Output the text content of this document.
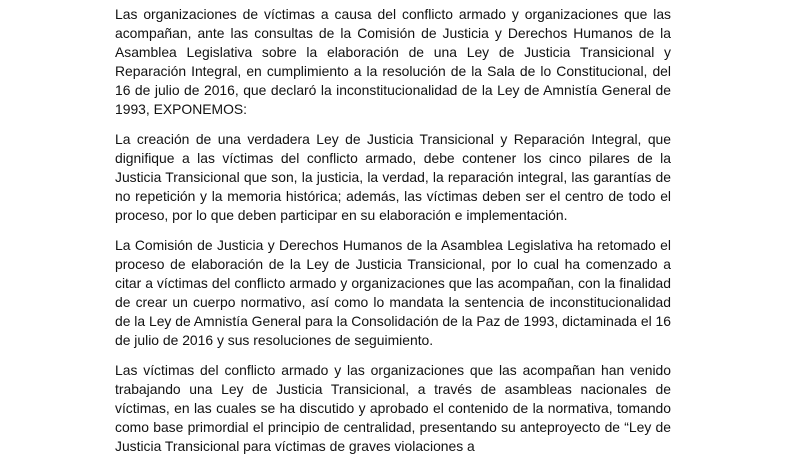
Las organizaciones de víctimas a causa del conflicto armado y organizaciones que las acompañan, ante las consultas de la Comisión de Justicia y Derechos Humanos de la Asamblea Legislativa sobre la elaboración de una Ley de Justicia Transicional y Reparación Integral, en cumplimiento a la resolución de la Sala de lo Constitucional, del 16 de julio de 2016, que declaró la inconstitucionalidad de la Ley de Amnistía General de 1993, EXPONEMOS:

La creación de una verdadera Ley de Justicia Transicional y Reparación Integral, que dignifique a las víctimas del conflicto armado, debe contener los cinco pilares de la Justicia Transicional que son, la justicia, la verdad, la reparación integral, las garantías de no repetición y la memoria histórica; además, las víctimas deben ser el centro de todo el proceso, por lo que deben participar en su elaboración e implementación.

La Comisión de Justicia y Derechos Humanos de la Asamblea Legislativa ha retomado el proceso de elaboración de la Ley de Justicia Transicional, por lo cual ha comenzado a citar a víctimas del conflicto armado y organizaciones que las acompañan, con la finalidad de crear un cuerpo normativo, así como lo mandata la sentencia de inconstitucionalidad de la Ley de Amnistía General para la Consolidación de la Paz de 1993, dictaminada el 16 de julio de 2016 y sus resoluciones de seguimiento.

Las víctimas del conflicto armado y las organizaciones que las acompañan han venido trabajando una Ley de Justicia Transicional, a través de asambleas nacionales de víctimas, en las cuales se ha discutido y aprobado el contenido de la normativa, tomando como base primordial el principio de centralidad, presentando su anteproyecto de “Ley de Justicia Transicional para víctimas de graves violaciones a
